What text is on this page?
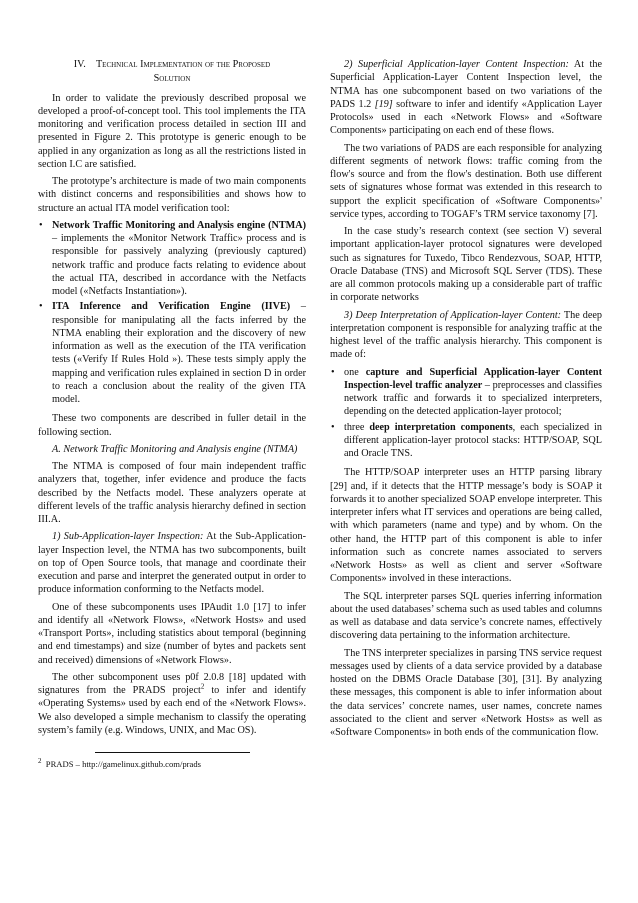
IV. Technical Implementation of the Proposed
Solution

In order to validate the previously described proposal we developed a proof-of-concept tool. This tool implements the ITA monitoring and verification process detailed in section III and presented in Figure 2. This prototype is generic enough to be applied in any organization as long as all the restrictions listed in section I.C are satisfied.

The prototype’s architecture is made of two main components with distinct concerns and responsibilities and shows how to structure an actual ITA model verification tool:

• Network Traffic Monitoring and Analysis engine (NTMA) – implements the «Monitor Network Traffic» process and is responsible for passively analyzing (previously captured) network traffic and produce facts relating to evidence about the actual ITA, described in accordance with the Netfacts model («Netfacts Instantiation»).
• ITA Inference and Verification Engine (IIVE) – responsible for manipulating all the facts inferred by the NTMA enabling their exploration and the discovery of new information as well as the execution of the ITA verification tests («Verify If Rules Hold »). These tests simply apply the mapping and verification rules explained in section D in order to reach a conclusion about the reality of the given ITA model.

These two components are described in fuller detail in the following section.

A. Network Traffic Monitoring and Analysis engine (NTMA)

The NTMA is composed of four main independent traffic analyzers that, together, infer evidence and produce the facts described by the Netfacts model. These analyzers operate at different levels of the traffic analysis hierarchy defined in section III.A.

1) Sub-Application-layer Inspection: At the Sub-Application-layer Inspection level, the NTMA has two subcomponents, built on top of Open Source tools, that manage and coordinate their execution and parse and interpret the generated output in order to produce information conforming to the Netfacts model.

One of these subcomponents uses IPAudit 1.0 [17] to infer and identify all «Network Flows», «Network Hosts» and used «Transport Ports», including statistics about temporal (beginning and end timestamps) and size (number of bytes and packets sent and received) dimensions of «Network Flows».

The other subcomponent uses p0f 2.0.8 [18] updated with signatures from the PRADS project$^2$ to infer and identify «Operating Systems» used by each end of the «Network Flows». We also developed a simple mechanism to classify the operating system’s family (e.g. Windows, UNIX, and Mac OS).

$^2$ PRADS – http://gamelinux.github.com/prads

2) Superficial Application-layer Content Inspection: At the Superficial Application-Layer Content Inspection level, the NTMA has one subcomponent based on two variations of the PADS 1.2 [19] software to infer and identify «Application Layer Protocols» used in each «Network Flows» and «Software Components» participating on each end of these flows.

The two variations of PADS are each responsible for analyzing different segments of network flows: traffic coming from the flow's source and from the flow's destination. Both use different sets of signatures whose format was extended in this research to support the explicit specification of «Software Components»' service types, according to TOGAF’s TRM service taxonomy [7].

In the case study’s research context (see section V) several important application-layer protocol signatures were developed such as signatures for Tuxedo, Tibco Rendezvous, SOAP, HTTP, Oracle Database (TNS) and Microsoft SQL Server (TDS). These are all common protocols making up a considerable part of traffic in corporate networks

3) Deep Interpretation of Application-layer Content: The deep interpretation component is responsible for analyzing traffic at the highest level of the traffic analysis hierarchy. This component is made of:

• one capture and Superficial Application-layer Content Inspection-level traffic analyzer – preprocesses and classifies network traffic and forwards it to specialized interpreters, depending on the detected application-layer protocol;
• three deep interpretation components, each specialized in different application-layer protocol stacks: HTTP/SOAP, SQL and Oracle TNS.

The HTTP/SOAP interpreter uses an HTTP parsing library [29] and, if it detects that the HTTP message’s body is SOAP it forwards it to another specialized SOAP envelope interpreter. This interpreter infers what IT services and operations are being called, with which parameters (name and type) and by whom. On the other hand, the HTTP part of this component is able to infer information such as concrete names associated to servers «Network Hosts» as well as client and server «Software Components» involved in these interactions.

The SQL interpreter parses SQL queries inferring information about the used databases’ schema such as used tables and columns as well as database and data service’s concrete names, effectively discovering data pertaining to the information architecture.

The TNS interpreter specializes in parsing TNS service request messages used by clients of a data service provided by a database hosted on the DBMS Oracle Database [30], [31]. By analyzing these messages, this component is able to infer information about the data services’ concrete names, user names, concrete names associated to the client and server «Network Hosts» as well as «Software Components» in both ends of the communication flow.
